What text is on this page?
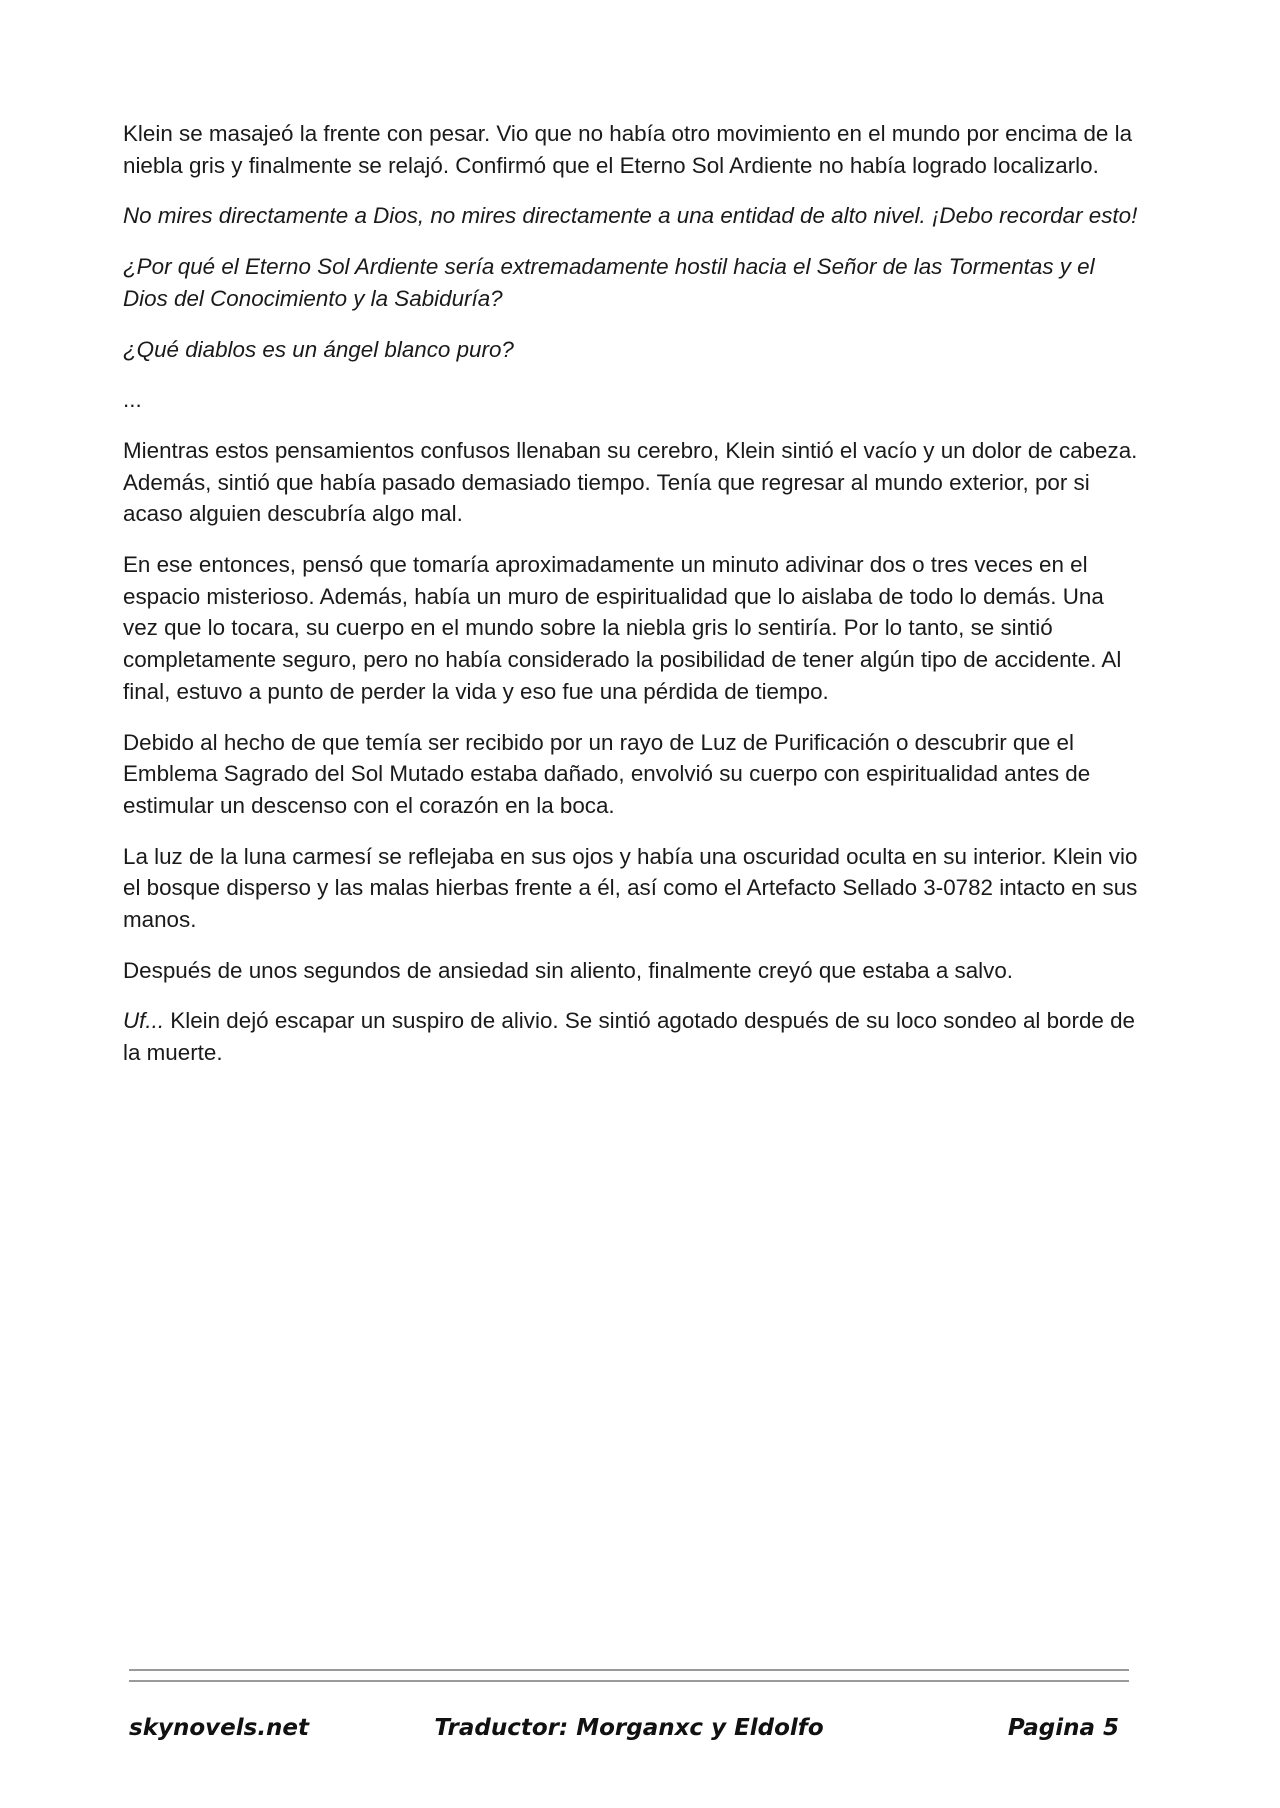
Klein se masajeó la frente con pesar. Vio que no había otro movimiento en el mundo por encima de la niebla gris y finalmente se relajó. Confirmó que el Eterno Sol Ardiente no había logrado localizarlo.

No mires directamente a Dios, no mires directamente a una entidad de alto nivel. ¡Debo recordar esto!

¿Por qué el Eterno Sol Ardiente sería extremadamente hostil hacia el Señor de las Tormentas y el Dios del Conocimiento y la Sabiduría?

¿Qué diablos es un ángel blanco puro?

...

Mientras estos pensamientos confusos llenaban su cerebro, Klein sintió el vacío y un dolor de cabeza. Además, sintió que había pasado demasiado tiempo. Tenía que regresar al mundo exterior, por si acaso alguien descubría algo mal.

En ese entonces, pensó que tomaría aproximadamente un minuto adivinar dos o tres veces en el espacio misterioso. Además, había un muro de espiritualidad que lo aislaba de todo lo demás. Una vez que lo tocara, su cuerpo en el mundo sobre la niebla gris lo sentiría. Por lo tanto, se sintió completamente seguro, pero no había considerado la posibilidad de tener algún tipo de accidente. Al final, estuvo a punto de perder la vida y eso fue una pérdida de tiempo.

Debido al hecho de que temía ser recibido por un rayo de Luz de Purificación o descubrir que el Emblema Sagrado del Sol Mutado estaba dañado, envolvió su cuerpo con espiritualidad antes de estimular un descenso con el corazón en la boca.

La luz de la luna carmesí se reflejaba en sus ojos y había una oscuridad oculta en su interior. Klein vio el bosque disperso y las malas hierbas frente a él, así como el Artefacto Sellado 3-0782 intacto en sus manos.

Después de unos segundos de ansiedad sin aliento, finalmente creyó que estaba a salvo.

Uf... Klein dejó escapar un suspiro de alivio. Se sintió agotado después de su loco sondeo al borde de la muerte.

skynovels.net	Traductor: Morganxc y Eldolfo	Pagina 5
